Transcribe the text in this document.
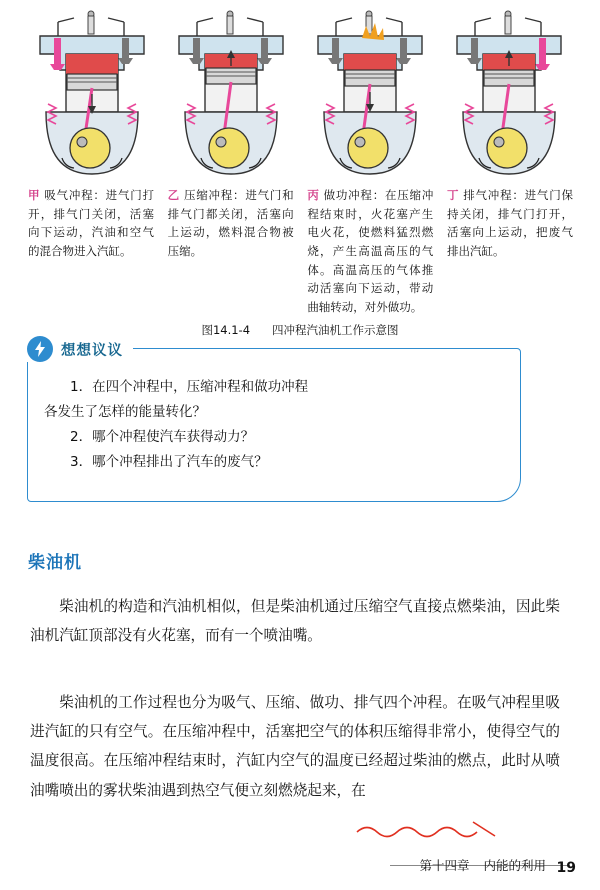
甲 吸气冲程：进气门打开，排气门关闭，活塞向下运动，汽油和空气的混合物进入汽缸。
乙 压缩冲程：进气门和排气门都关闭，活塞向上运动，燃料混合物被压缩。
丙 做功冲程：在压缩冲程结束时，火花塞产生电火花，使燃料猛烈燃烧，产生高温高压的气体。高温高压的气体推动活塞向下运动，带动曲轴转动，对外做功。
丁 排气冲程：进气门保持关闭，排气门打开，活塞向上运动，把废气排出汽缸。
图14.1-4 四冲程汽油机工作示意图
想想议议
1．在四个冲程中，压缩冲程和做功冲程
各发生了怎样的能量转化？
2．哪个冲程使汽车获得动力？
3．哪个冲程排出了汽车的废气？
柴油机
柴油机的构造和汽油机相似，但是柴油机通过压缩空气直接点燃柴油，因此柴油机汽缸顶部没有火花塞，而有一个喷油嘴。
柴油机的工作过程也分为吸气、压缩、做功、排气四个冲程。在吸气冲程里吸进汽缸的只有空气。在压缩冲程中，活塞把空气的体积压缩得非常小，使得空气的温度很高。在压缩冲程结束时，汽缸内空气的温度已经超过柴油的燃点，此时从喷油嘴喷出的雾状柴油遇到热空气便立刻燃烧起来，在
第十四章 内能的利用 19
